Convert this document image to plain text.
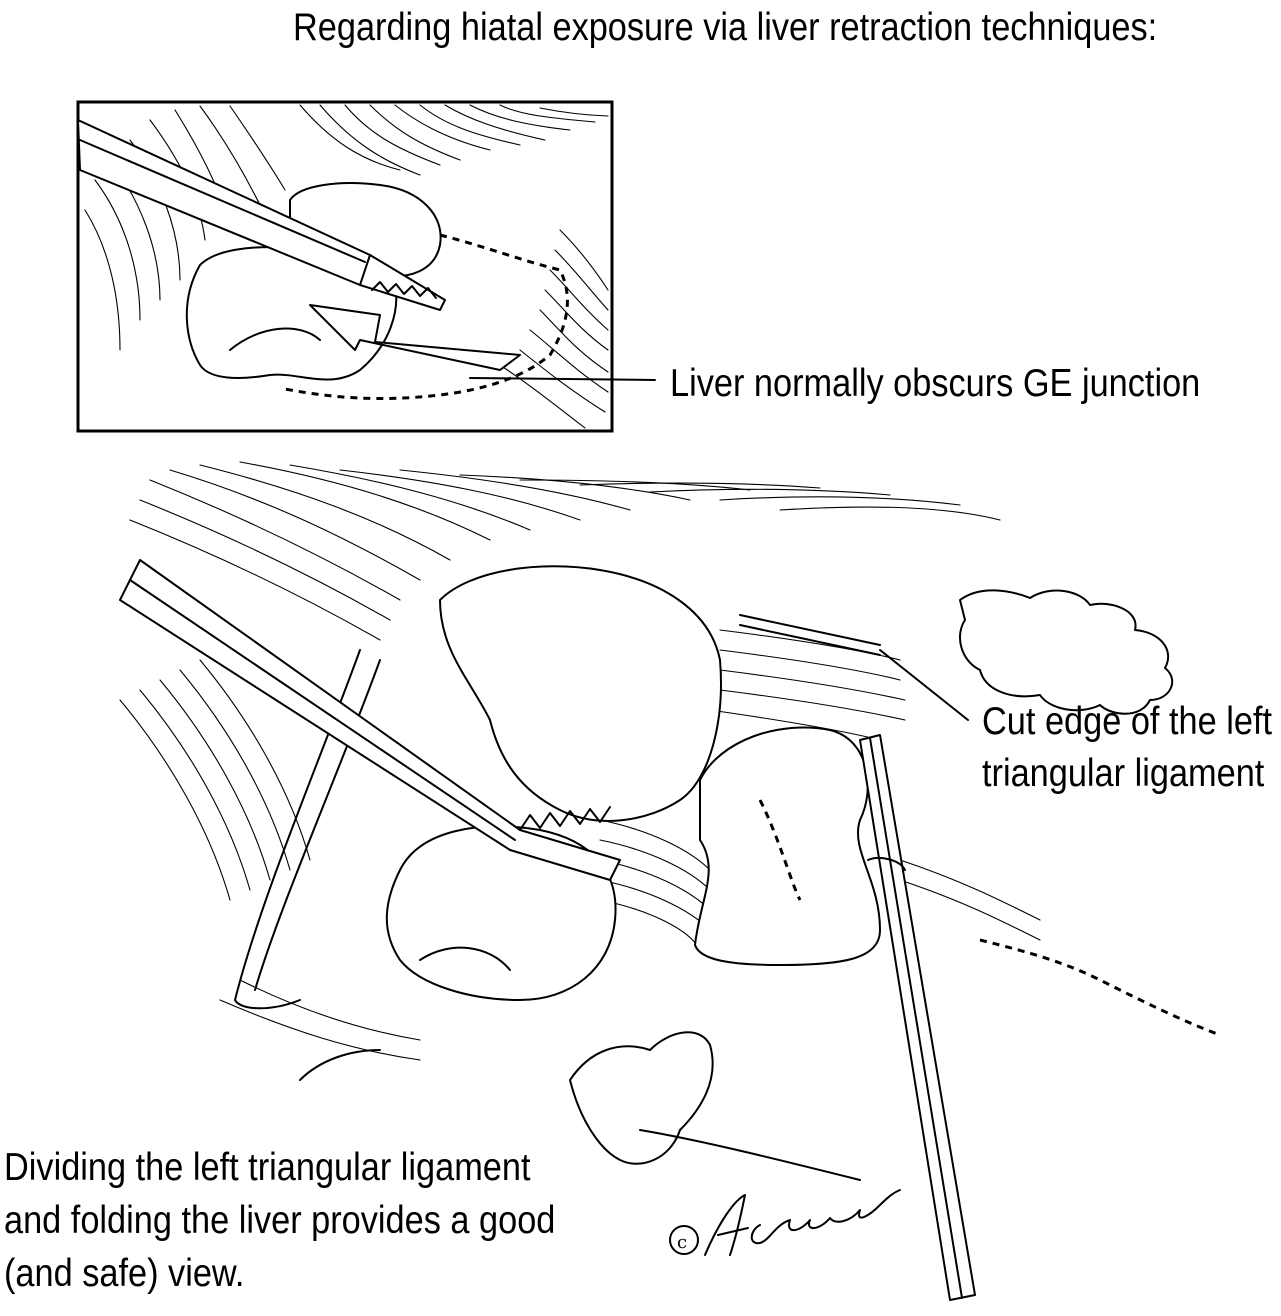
c
Regarding hiatal exposure via liver retraction techniques:
Liver normally obscurs GE junction
Cut edge of the left
triangular ligament
Dividing the left triangular ligament
and folding the liver provides a good
(and safe) view.
